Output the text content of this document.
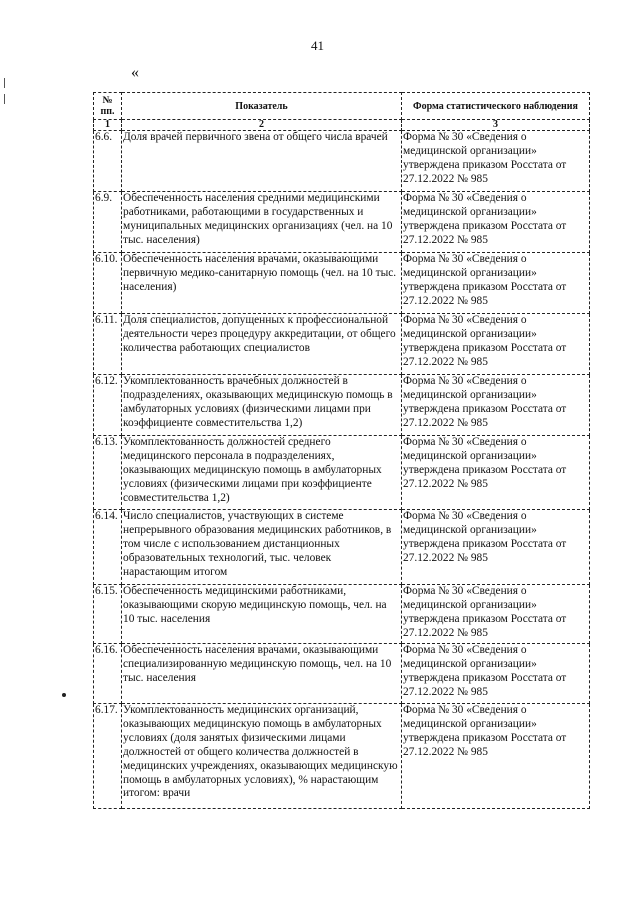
41
«
№ пп.	Показатель	Форма статистического наблюдения
1	2	3
6.6.	Доля врачей первичного звена от общего числа врачей	Форма № 30 «Сведения о медицинской организации» утверждена приказом Росстата от 27.12.2022 № 985
6.9.	Обеспеченность населения средними медицинскими работниками, работающими в государственных и муниципальных медицинских организациях (чел. на 10 тыс. населения)	Форма № 30 «Сведения о медицинской организации» утверждена приказом Росстата от 27.12.2022 № 985
6.10.	Обеспеченность населения врачами, оказывающими первичную медико-санитарную помощь (чел. на 10 тыс. населения)	Форма № 30 «Сведения о медицинской организации» утверждена приказом Росстата от 27.12.2022 № 985
6.11.	Доля специалистов, допущенных к профессиональной деятельности через процедуру аккредитации, от общего количества работающих специалистов	Форма № 30 «Сведения о медицинской организации» утверждена приказом Росстата от 27.12.2022 № 985
6.12.	Укомплектованность врачебных должностей в подразделениях, оказывающих медицинскую помощь в амбулаторных условиях (физическими лицами при коэффициенте совместительства 1,2)	Форма № 30 «Сведения о медицинской организации» утверждена приказом Росстата от 27.12.2022 № 985
6.13.	Укомплектованность должностей среднего медицинского персонала в подразделениях, оказывающих медицинскую помощь в амбулаторных условиях (физическими лицами при коэффициенте совместительства 1,2)	Форма № 30 «Сведения о медицинской организации» утверждена приказом Росстата от 27.12.2022 № 985
6.14.	Число специалистов, участвующих в системе непрерывного образования медицинских работников, в том числе с использованием дистанционных образовательных технологий, тыс. человек нарастающим итогом	Форма № 30 «Сведения о медицинской организации» утверждена приказом Росстата от 27.12.2022 № 985
6.15.	Обеспеченность медицинскими работниками, оказывающими скорую медицинскую помощь, чел. на 10 тыс. населения	Форма № 30 «Сведения о медицинской организации» утверждена приказом Росстата от 27.12.2022 № 985
6.16.	Обеспеченность населения врачами, оказывающими специализированную медицинскую помощь, чел. на 10 тыс. населения	Форма № 30 «Сведения о медицинской организации» утверждена приказом Росстата от 27.12.2022 № 985
6.17.	Укомплектованность медицинских организаций, оказывающих медицинскую помощь в амбулаторных условиях (доля занятых физическими лицами должностей от общего количества должностей в медицинских учреждениях, оказывающих медицинскую помощь в амбулаторных условиях), % нарастающим итогом: врачи	Форма № 30 «Сведения о медицинской организации» утверждена приказом Росстата от 27.12.2022 № 985
